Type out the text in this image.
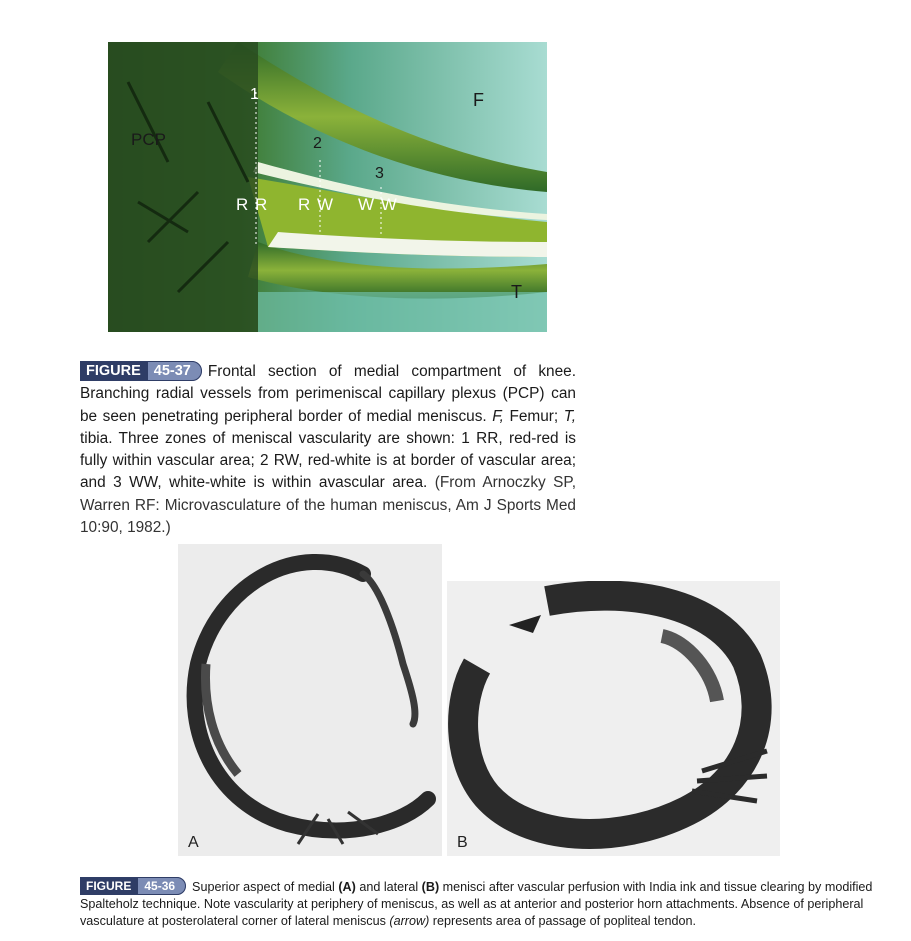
PCP
F
T
1
2
3
R R R W W W
FIGURE 45-37 Frontal section of medial compartment of knee. Branching radial vessels from perimeniscal capillary plexus (PCP) can be seen penetrating peripheral border of medial meniscus. F, Femur; T, tibia. Three zones of meniscal vascularity are shown: 1 RR, red-red is fully within vascular area; 2 RW, red-white is at border of vascular area; and 3 WW, white-white is within avascular area. (From Arnoczky SP, Warren RF: Microvasculature of the human meniscus, Am J Sports Med 10:90, 1982.)
A	B
FIGURE 45-36 Superior aspect of medial (A) and lateral (B) menisci after vascular perfusion with India ink and tissue clearing by modified Spalteholz technique. Note vascularity at periphery of meniscus, as well as at anterior and posterior horn attachments. Absence of peripheral vasculature at posterolateral corner of lateral meniscus (arrow) represents area of passage of popliteal tendon.
